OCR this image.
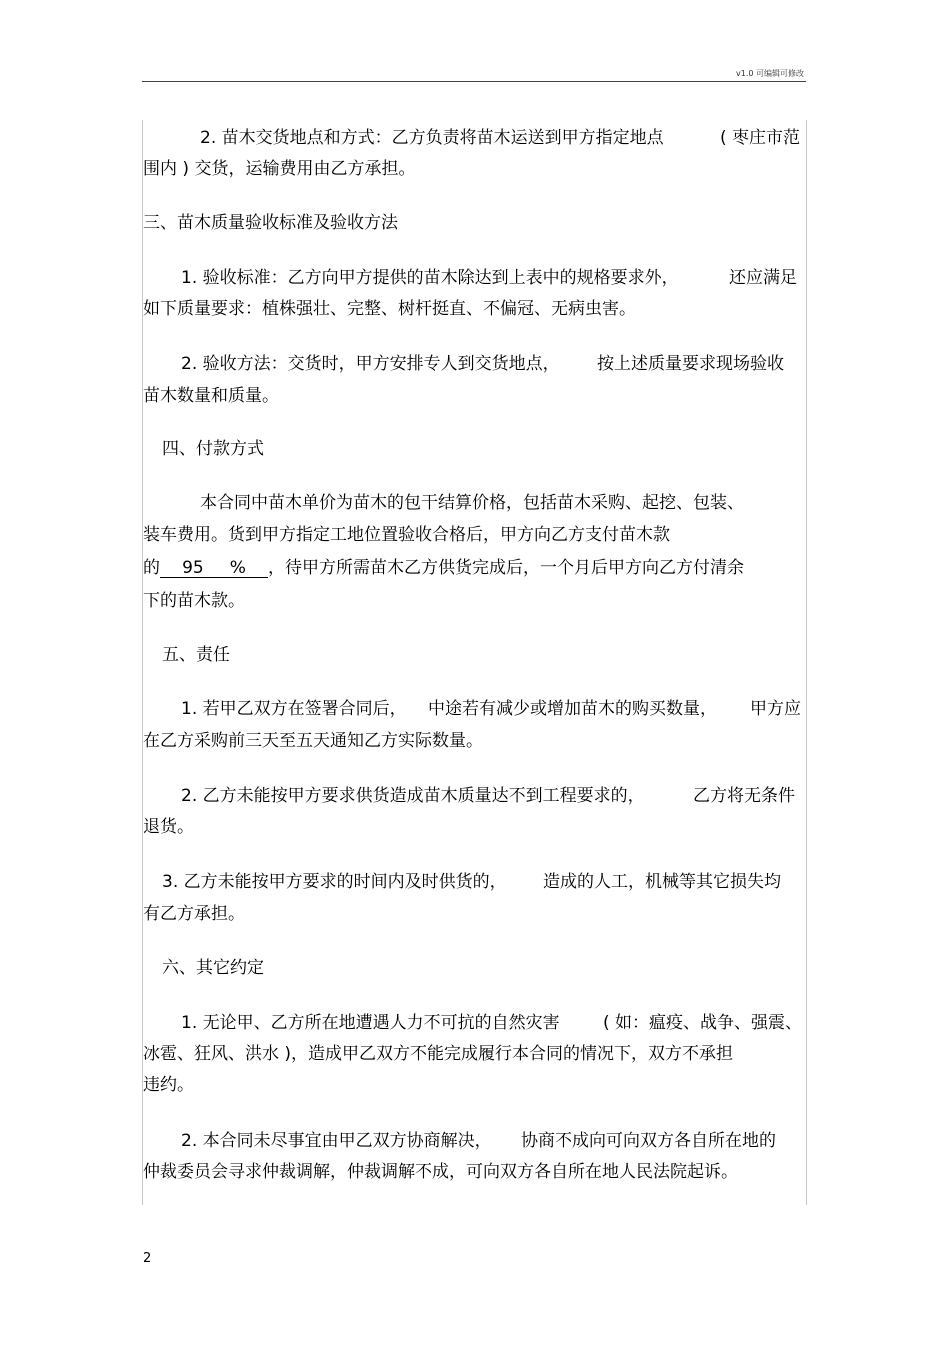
v1.0 可编辑可修改
2. 苗木交货地点和方式：乙方负责将苗木运送到甲方指定地点	( 枣庄市范
围内 ) 交货，运输费用由乙方承担。
三、苗木质量验收标准及验收方法
1. 验收标准：乙方向甲方提供的苗木除达到上表中的规格要求外，	还应满足
如下质量要求：植株强壮、完整、树杆挺直、不偏冠、无病虫害。
2. 验收方法：交货时，甲方安排专人到交货地点， 按上述质量要求现场验收
苗木数量和质量。
四、付款方式
本合同中苗木单价为苗木的包干结算价格，包括苗木采购、起挖、包装、
装车费用。货到甲方指定工地位置验收合格后，甲方向乙方支付苗木款
的 95 % ，待甲方所需苗木乙方供货完成后，一个月后甲方向乙方付清余
下的苗木款。
五、责任
1. 若甲乙双方在签署合同后， 中途若有减少或增加苗木的购买数量， 甲方应
在乙方采购前三天至五天通知乙方实际数量。
2. 乙方未能按甲方要求供货造成苗木质量达不到工程要求的，	乙方将无条件
退货。
3. 乙方未能按甲方要求的时间内及时供货的， 造成的人工，机械等其它损失均
有乙方承担。
六、其它约定
1. 无论甲、乙方所在地遭遇人力不可抗的自然灾害	( 如：瘟疫、战争、强震、
冰雹、狂风、洪水 )，造成甲乙双方不能完成履行本合同的情况下，双方不承担
违约。
2. 本合同未尽事宜由甲乙双方协商解决， 协商不成向可向双方各自所在地的
仲裁委员会寻求仲裁调解，仲裁调解不成，可向双方各自所在地人民法院起诉。
2
